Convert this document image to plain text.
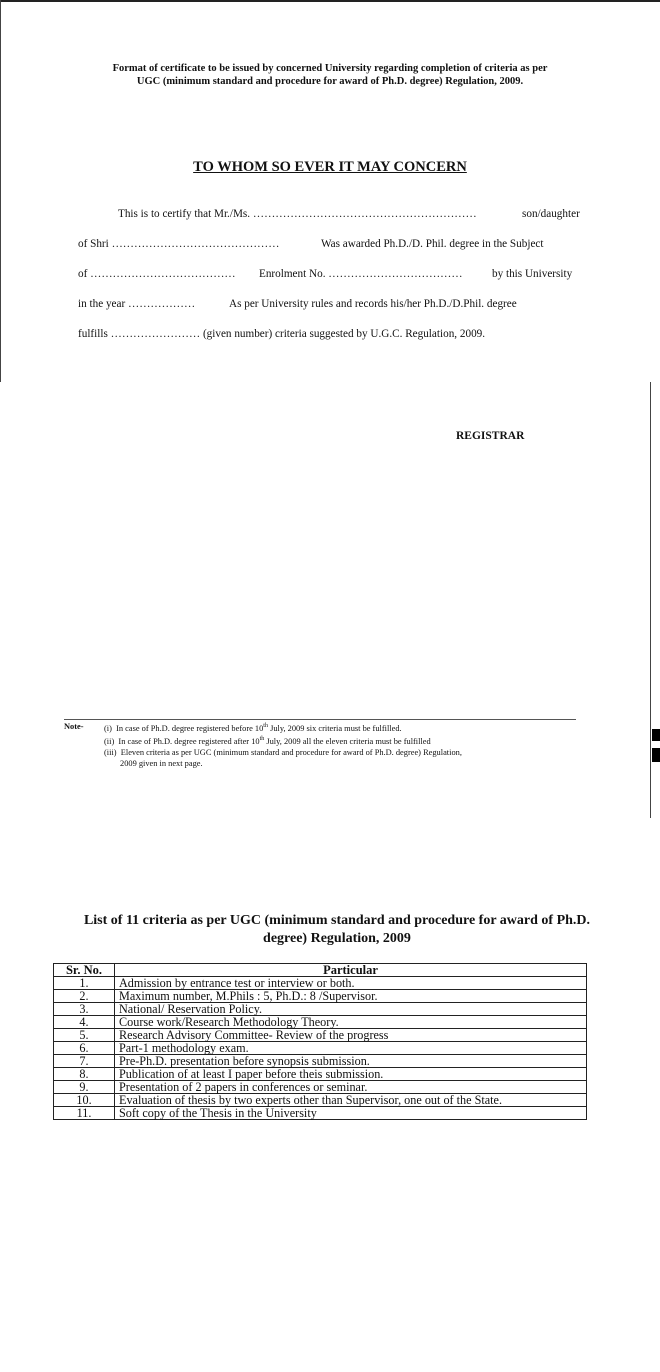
Format of certificate to be issued by concerned University regarding completion of criteria as per
UGC (minimum standard and procedure for award of Ph.D. degree) Regulation, 2009.
TO WHOM SO EVER IT MAY CONCERN
This is to certify that Mr./Ms. ……………………………………………………	son/daughter
of Shri ………………………………………	Was awarded Ph.D./D. Phil. degree in the Subject
of ………………………………… Enrolment No. ………………………………	by this University
in the year ………………	As per University rules and records his/her Ph.D./D.Phil. degree
fulfills …………………… (given number) criteria suggested by U.G.C. Regulation, 2009.
REGISTRAR
Note- (i) In case of Ph.D. degree registered before 10th July, 2009 six criteria must be fulfilled.
(ii) In case of Ph.D. degree registered after 10th July, 2009 all the eleven criteria must be fulfilled
(iii) Eleven criteria as per UGC (minimum standard and procedure for award of Ph.D. degree) Regulation,
2009 given in next page.
List of 11 criteria as per UGC (minimum standard and procedure for award of Ph.D.
degree) Regulation, 2009
Sr. No.	Particular
1.	Admission by entrance test or interview or both.
2.	Maximum number, M.Phils : 5, Ph.D.: 8 /Supervisor.
3.	National/ Reservation Policy.
4.	Course work/Research Methodology Theory.
5.	Research Advisory Committee- Review of the progress
6.	Part-1 methodology exam.
7.	Pre-Ph.D. presentation before synopsis submission.
8.	Publication of at least I paper before theis submission.
9.	Presentation of 2 papers in conferences or seminar.
10.	Evaluation of thesis by two experts other than Supervisor, one out of the State.
11.	Soft copy of the Thesis in the University
